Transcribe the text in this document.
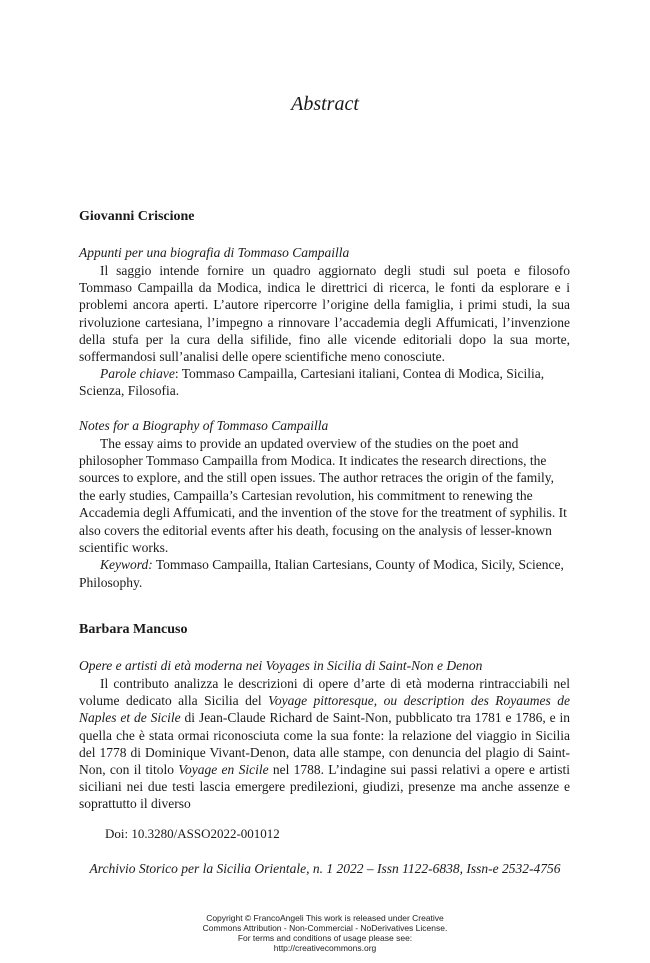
Abstract

Giovanni Criscione

Appunti per una biografia di Tommaso Campailla

Il saggio intende fornire un quadro aggiornato degli studi sul poeta e filosofo Tommaso Campailla da Modica, indica le direttrici di ricerca, le fonti da esplorare e i problemi ancora aperti. L’autore ripercorre l’origine della famiglia, i primi studi, la sua rivoluzione cartesiana, l’impegno a rinnovare l’accademia degli Affumicati, l’invenzione della stufa per la cura della sifilide, fino alle vicende editoriali dopo la sua morte, soffermandosi sull’analisi delle opere scientifiche meno conosciute.

Parole chiave: Tommaso Campailla, Cartesiani italiani, Contea di Modica, Sicilia, Scienza, Filosofia.

Notes for a Biography of Tommaso Campailla

The essay aims to provide an updated overview of the studies on the poet and philosopher Tommaso Campailla from Modica. It indicates the research directions, the sources to explore, and the still open issues. The author retraces the origin of the family, the early studies, Campailla’s Cartesian revolution, his commitment to renewing the Accademia degli Affumicati, and the invention of the stove for the treatment of syphilis. It also covers the editorial events after his death, focusing on the analysis of lesser-known scientific works.

Keyword: Tommaso Campailla, Italian Cartesians, County of Modica, Sicily, Science, Philosophy.

Barbara Mancuso

Opere e artisti di età moderna nei Voyages in Sicilia di Saint-Non e Denon

Il contributo analizza le descrizioni di opere d’arte di età moderna rintracciabili nel volume dedicato alla Sicilia del Voyage pittoresque, ou description des Royaumes de Naples et de Sicile di Jean-Claude Richard de Saint-Non, pubblicato tra 1781 e 1786, e in quella che è stata ormai riconosciuta come la sua fonte: la relazione del viaggio in Sicilia del 1778 di Dominique Vivant-Denon, data alle stampe, con denuncia del plagio di Saint-Non, con il titolo Voyage en Sicile nel 1788. L’indagine sui passi relativi a opere e artisti siciliani nei due testi lascia emergere predilezioni, giudizi, presenze ma anche assenze e soprattutto il diverso

Doi: 10.3280/ASSO2022-001012
Archivio Storico per la Sicilia Orientale, n. 1 2022 – Issn 1122-6838, Issn-e 2532-4756
Copyright © FrancoAngeli This work is released under Creative
Commons Attribution - Non-Commercial - NoDerivatives License.
For terms and conditions of usage please see:
http://creativecommons.org
